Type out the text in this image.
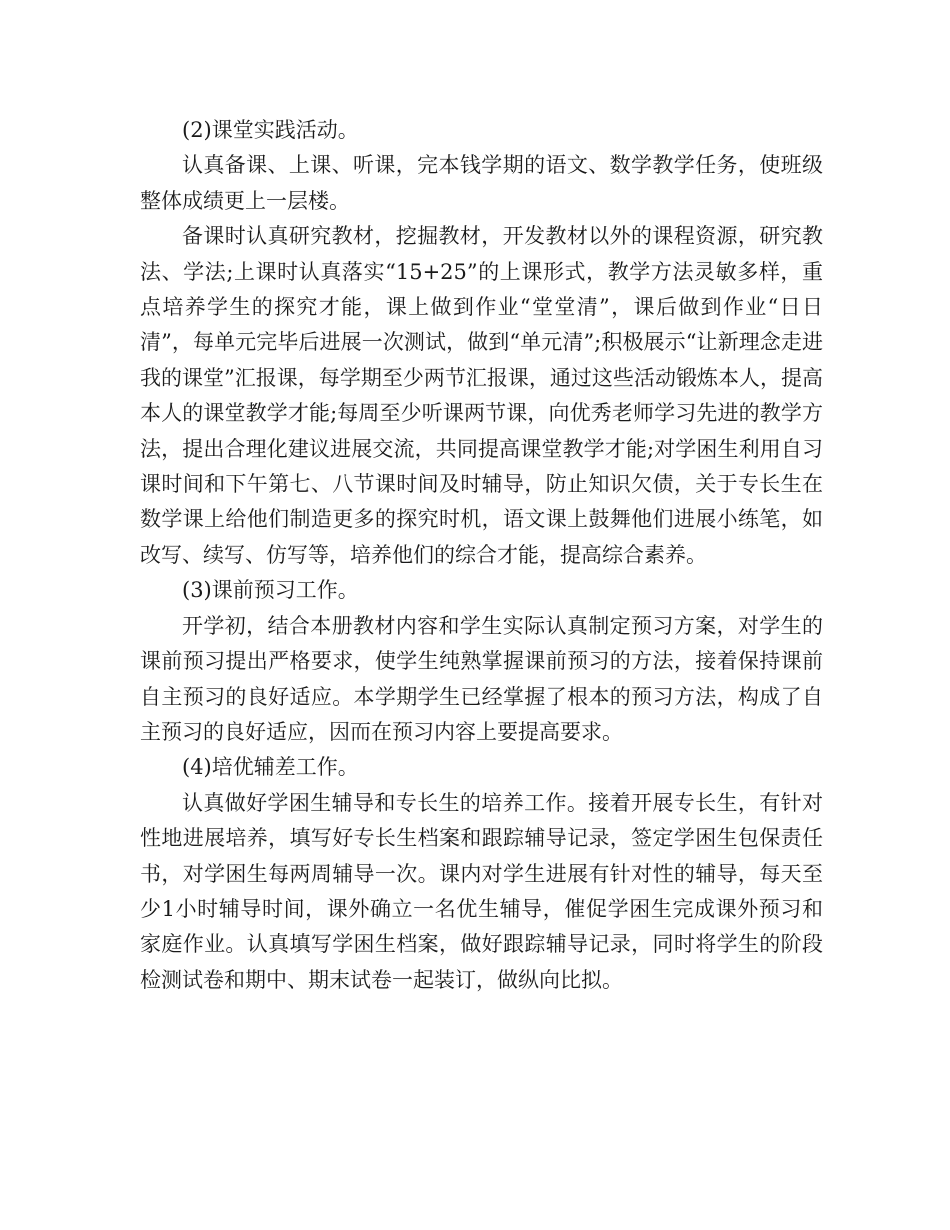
(2)课堂实践活动。

认真备课、上课、听课，完本钱学期的语文、数学教学任务，使班级整体成绩更上一层楼。

备课时认真研究教材，挖掘教材，开发教材以外的课程资源，研究教法、学法;上课时认真落实“15+25”的上课形式，教学方法灵敏多样，重点培养学生的探究才能，课上做到作业“堂堂清”，课后做到作业“日日清”，每单元完毕后进展一次测试，做到“单元清”;积极展示“让新理念走进我的课堂”汇报课，每学期至少两节汇报课，通过这些活动锻炼本人，提高本人的课堂教学才能;每周至少听课两节课，向优秀老师学习先进的教学方法，提出合理化建议进展交流，共同提高课堂教学才能;对学困生利用自习课时间和下午第七、八节课时间及时辅导，防止知识欠债，关于专长生在数学课上给他们制造更多的探究时机，语文课上鼓舞他们进展小练笔，如改写、续写、仿写等，培养他们的综合才能，提高综合素养。

(3)课前预习工作。

开学初，结合本册教材内容和学生实际认真制定预习方案，对学生的课前预习提出严格要求，使学生纯熟掌握课前预习的方法，接着保持课前自主预习的良好适应。本学期学生已经掌握了根本的预习方法，构成了自主预习的良好适应，因而在预习内容上要提高要求。

(4)培优辅差工作。

认真做好学困生辅导和专长生的培养工作。接着开展专长生，有针对性地进展培养，填写好专长生档案和跟踪辅导记录，签定学困生包保责任书，对学困生每两周辅导一次。课内对学生进展有针对性的辅导，每天至少1小时辅导时间，课外确立一名优生辅导，催促学困生完成课外预习和家庭作业。认真填写学困生档案，做好跟踪辅导记录，同时将学生的阶段检测试卷和期中、期末试卷一起装订，做纵向比拟。
